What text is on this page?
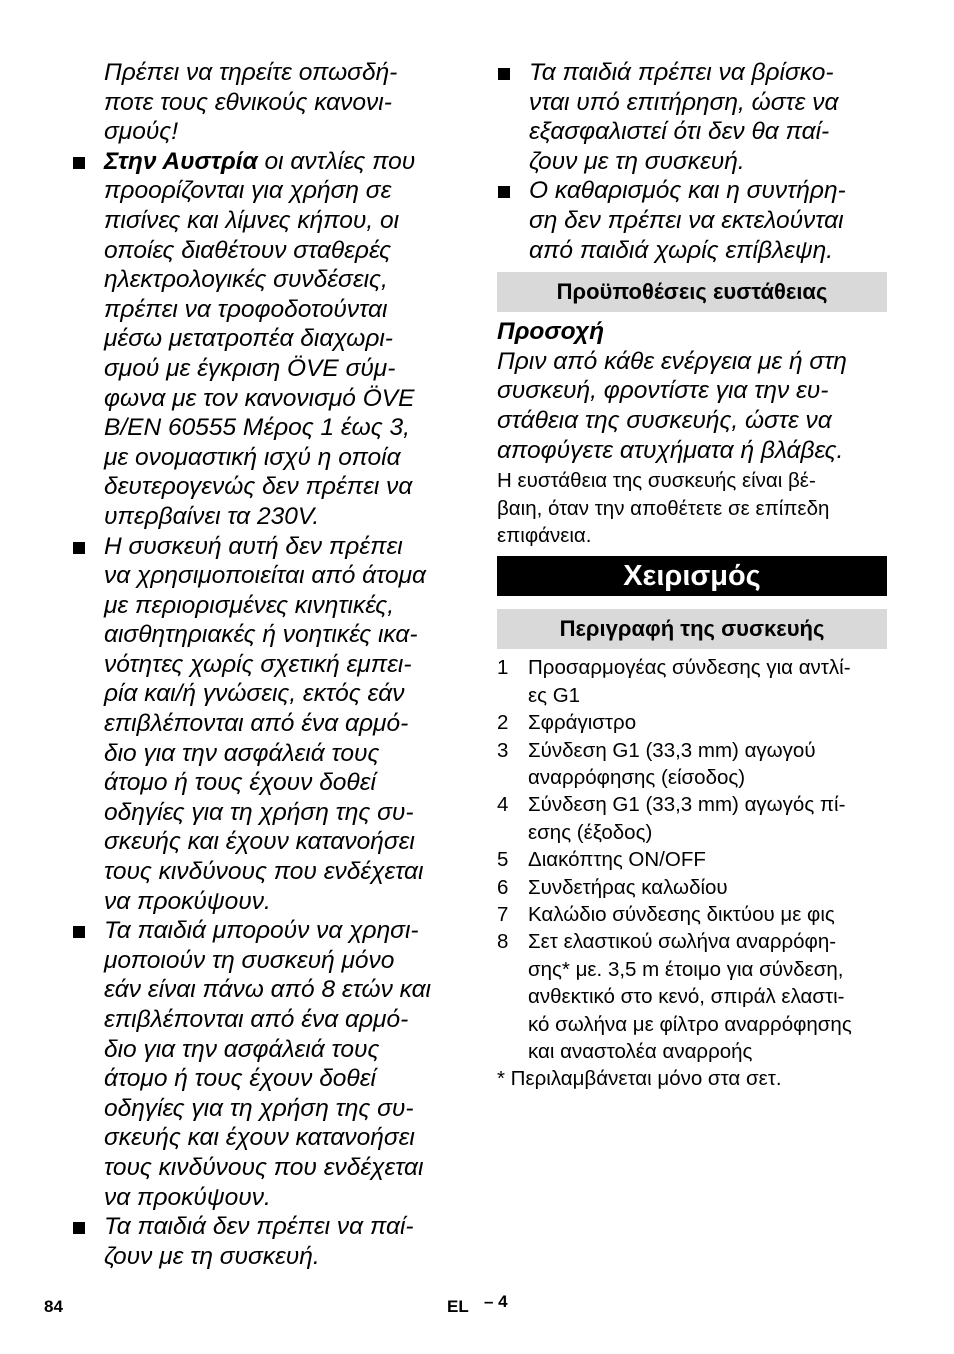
Πρέπει να τηρείτε οπωσδή-
ποτε τους εθνικούς κανονι-
σμούς!

Στην Αυστρία οι αντλίες που
προορίζονται για χρήση σε
πισίνες και λίμνες κήπου, οι
οποίες διαθέτουν σταθερές
ηλεκτρολογικές συνδέσεις,
πρέπει να τροφοδοτούνται
μέσω μετατροπέα διαχωρι-
σμού με έγκριση ÖVE σύμ-
φωνα με τον κανονισμό ÖVE
B/EN 60555 Μέρος 1 έως 3,
με ονομαστική ισχύ η οποία
δευτερογενώς δεν πρέπει να
υπερβαίνει τα 230V.
Η συσκευή αυτή δεν πρέπει
να χρησιμοποιείται από άτομα
με περιορισμένες κινητικές,
αισθητηριακές ή νοητικές ικα-
νότητες χωρίς σχετική εμπει-
ρία και/ή γνώσεις, εκτός εάν
επιβλέπονται από ένα αρμό-
διο για την ασφάλειά τους
άτομο ή τους έχουν δοθεί
οδηγίες για τη χρήση της συ-
σκευής και έχουν κατανοήσει
τους κινδύνους που ενδέχεται
να προκύψουν.
Τα παιδιά μπορούν να χρησι-
μοποιούν τη συσκευή μόνο
εάν είναι πάνω από 8 ετών και
επιβλέπονται από ένα αρμό-
διο για την ασφάλειά τους
άτομο ή τους έχουν δοθεί
οδηγίες για τη χρήση της συ-
σκευής και έχουν κατανοήσει
τους κινδύνους που ενδέχεται
να προκύψουν.
Τα παιδιά δεν πρέπει να παί-
ζουν με τη συσκευή.
Τα παιδιά πρέπει να βρίσκο-
νται υπό επιτήρηση, ώστε να
εξασφαλιστεί ότι δεν θα παί-
ζουν με τη συσκευή.
Ο καθαρισμός και η συντήρη-
ση δεν πρέπει να εκτελούνται
από παιδιά χωρίς επίβλεψη.
Προϋποθέσεις ευστάθειας
Προσοχή
Πριν από κάθε ενέργεια με ή στη
συσκευή, φροντίστε για την ευ-
στάθεια της συσκευής, ώστε να
αποφύγετε ατυχήματα ή βλάβες.
Η ευστάθεια της συσκευής είναι βέ-
βαιη, όταν την αποθέτετε σε επίπεδη
επιφάνεια.
Χειρισμός
Περιγραφή της συσκευής
1 Προσαρμογέας σύνδεσης για αντλί-
ες G1
2 Σφράγιστρο
3 Σύνδεση G1 (33,3 mm) αγωγού
αναρρόφησης (είσοδος)
4 Σύνδεση G1 (33,3 mm) αγωγός πί-
εσης (έξοδος)
5 Διακόπτης ON/OFF
6 Συνδετήρας καλωδίου
7 Καλώδιο σύνδεσης δικτύου με φις
8 Σετ ελαστικού σωλήνα αναρρόφη-
σης* με. 3,5 m έτοιμο για σύνδεση,
ανθεκτικό στο κενό, σπιράλ ελαστι-
κό σωλήνα με φίλτρο αναρρόφησης
και αναστολέα αναρροής
* Περιλαμβάνεται μόνο στα σετ.
84	EL – 4
